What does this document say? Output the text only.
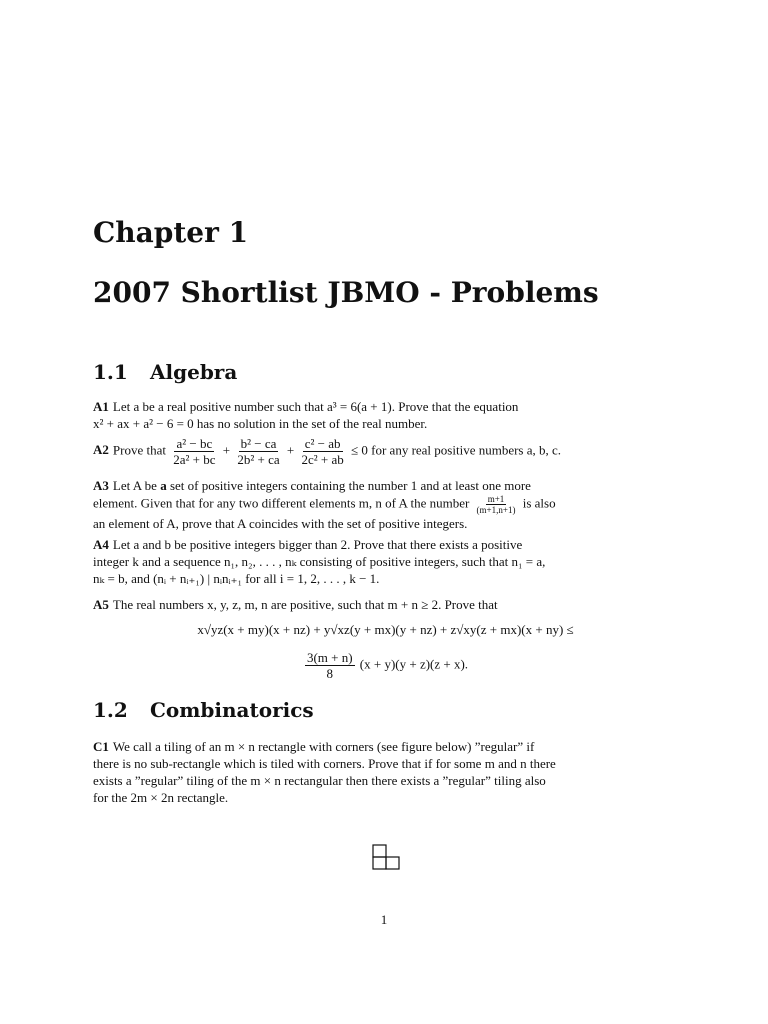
Chapter 1
2007 Shortlist JBMO - Problems
1.1 Algebra
A1 Let a be a real positive number such that a³ = 6(a + 1). Prove that the equation
x² + ax + a² − 6 = 0 has no solution in the set of the real number.
A2 Prove that $\frac{\text{a² − bc}}{\text{2a² + bc}} + \frac{\text{b² − ca}}{\text{2b² + ca}} + \frac{\text{c² − ab}}{\text{2c² + ab}} \le 0$ for any real positive numbers a, b, c.
A3 Let A be a set of positive integers containing the number 1 and at least one more
element. Given that for any two different elements m, n of A the number $\frac{m+1}{(m+1,n+1)}$ is also
an element of A, prove that A coincides with the set of positive integers.
A4 Let a and b be positive integers bigger than 2. Prove that there exists a positive
integer k and a sequence n₁, n₂, . . . , nₖ consisting of positive integers, such that n₁ = a,
nₖ = b, and (nᵢ + nᵢ₊₁) | nᵢnᵢ₊₁ for all i = 1, 2, . . . , k − 1.
A5 The real numbers x, y, z, m, n are positive, such that m + n ≥ 2. Prove that
x√yz(x + my)(x + nz) + y√xz(y + mx)(y + nz) + z√xy(z + mx)(x + ny) ≤
$\frac{3(m + n)}{8} (x + y)(y + z)(z + x)$.
1.2 Combinatorics
C1 We call a tiling of an m × n rectangle with corners (see figure below) ”regular” if
there is no sub-rectangle which is tiled with corners. Prove that if for some m and n there
exists a ”regular” tiling of the m × n rectangular then there exists a ”regular” tiling also
for the 2m × 2n rectangle.
1
